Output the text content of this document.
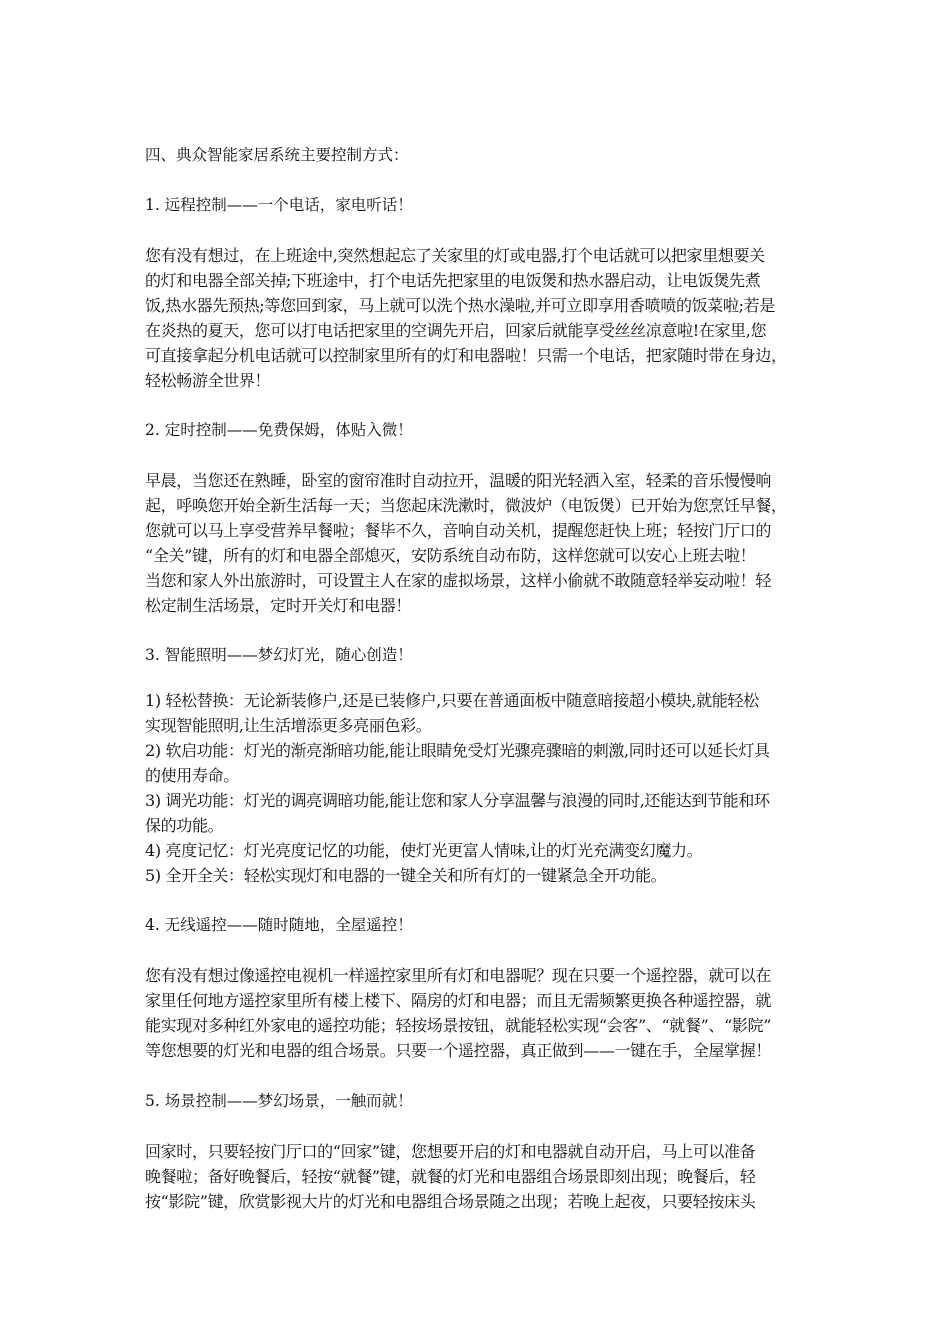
四、典众智能家居系统主要控制方式：
1. 远程控制——一个电话，家电听话！
您有没有想过，在上班途中,突然想起忘了关家里的灯或电器,打个电话就可以把家里想要关
的灯和电器全部关掉;下班途中，打个电话先把家里的电饭煲和热水器启动，让电饭煲先煮
饭,热水器先预热;等您回到家，马上就可以洗个热水澡啦,并可立即享用香喷喷的饭菜啦;若是
在炎热的夏天，您可以打电话把家里的空调先开启，回家后就能享受丝丝凉意啦!在家里,您
可直接拿起分机电话就可以控制家里所有的灯和电器啦！只需一个电话，把家随时带在身边，
轻松畅游全世界！
2. 定时控制——免费保姆，体贴入微！
早晨，当您还在熟睡，卧室的窗帘准时自动拉开，温暖的阳光轻洒入室，轻柔的音乐慢慢响
起，呼唤您开始全新生活每一天；当您起床洗漱时，微波炉（电饭煲）已开始为您烹饪早餐，
您就可以马上享受营养早餐啦；餐毕不久，音响自动关机，提醒您赶快上班；轻按门厅口的
“全关”键，所有的灯和电器全部熄灭，安防系统自动布防，这样您就可以安心上班去啦！
当您和家人外出旅游时，可设置主人在家的虚拟场景，这样小偷就不敢随意轻举妄动啦！轻
松定制生活场景，定时开关灯和电器！
3. 智能照明——梦幻灯光，随心创造！
1) 轻松替换：无论新装修户,还是已装修户,只要在普通面板中随意暗接超小模块,就能轻松
实现智能照明,让生活增添更多亮丽色彩。
2) 软启功能：灯光的渐亮渐暗功能,能让眼睛免受灯光骤亮骤暗的刺激,同时还可以延长灯具
的使用寿命。
3) 调光功能：灯光的调亮调暗功能,能让您和家人分享温馨与浪漫的同时,还能达到节能和环
保的功能。
4) 亮度记忆：灯光亮度记忆的功能，使灯光更富人情味,让的灯光充满变幻魔力。
5) 全开全关：轻松实现灯和电器的一键全关和所有灯的一键紧急全开功能。
4. 无线遥控——随时随地，全屋遥控！
您有没有想过像遥控电视机一样遥控家里所有灯和电器呢？现在只要一个遥控器，就可以在
家里任何地方遥控家里所有楼上楼下、隔房的灯和电器；而且无需频繁更换各种遥控器，就
能实现对多种红外家电的遥控功能；轻按场景按钮，就能轻松实现“会客”、“就餐”、“影院”
等您想要的灯光和电器的组合场景。只要一个遥控器，真正做到——一键在手，全屋掌握！
5. 场景控制——梦幻场景，一触而就！
回家时，只要轻按门厅口的“回家”键，您想要开启的灯和电器就自动开启，马上可以准备
晚餐啦；备好晚餐后，轻按“就餐”键，就餐的灯光和电器组合场景即刻出现；晚餐后，轻
按“影院”键，欣赏影视大片的灯光和电器组合场景随之出现；若晚上起夜，只要轻按床头
